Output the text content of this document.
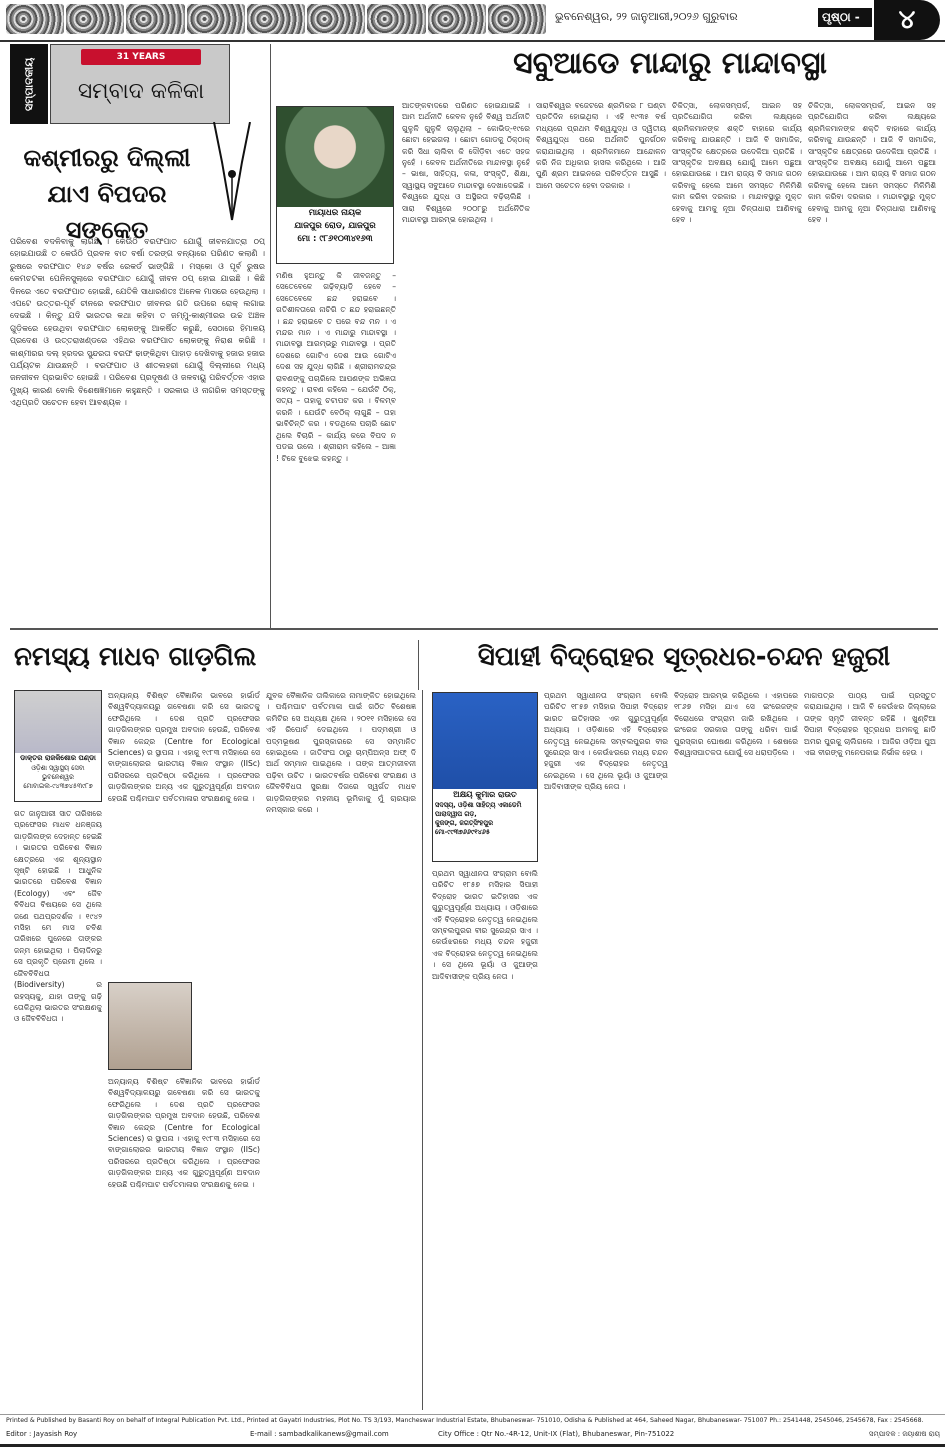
ଭୁବନେଶ୍ୱର, ୨୨ ଜାନୁଆରୀ,୨୦୨୬ ଗୁରୁବାର	ପୃଷ୍ଠା -	୪
ସମ୍ପାଦକୀୟ
31 YEARS
ସମ୍ବାଦ କଳିକା
କଶ୍ମୀରରୁ ଦିଲ୍ଲୀ ଯାଏ ବିପଦର ସଙ୍କେତ
ପରିବେଶ ବଦଳିବାକୁ ଲାଗିଛି । କେଉଁଠି ବରଫପାତ ଯୋଗୁଁ ଜୀବନଯାତ୍ରା ଠପ୍ ହୋଇଯାଉଛି ତ କେଉଁଠି ପ୍ରବଳ ବାତ ବର୍ଷା ତରଙ୍ଗ ବନ୍ୟାରେ ପରିଣତ କଲାଣି । ରୁଷରେ ବରଫପାତ ୧୪୬ ବର୍ଷର ରେକର୍ଡ ଭାଙ୍ଗିଛି । ମସ୍କୋ ଓ ପୂର୍ବ ରୁଷର କେମଚଟକା ପେନିନସୁଲାରେ ବରଫପାତ ଯୋଗୁଁ ଜୀବନ ଠପ୍ ହୋଇ ଯାଇଛି । କିଛି ଦିନରେ ଏତେ ବରଫପାତ ହୋଇଛି, ଯେତିକି ସାଧାରଣତଃ ଅନେକ ମାସରେ ହେଉଥିଲା । ଏପଟେ ଉତ୍ତର-ପୂର୍ବ ଚୀନରେ ବରଫପାତ ଜୀବନର ଗତି ଉପରେ ରୋକ୍ ଲଗାଇ ଦେଇଛି । କିନ୍ତୁ ଯଦି ଭାରତର କଥା କହିବା ତ ଜମ୍ମୁ-କାଶ୍ମୀରର ଉଚ୍ଚ ଅଞ୍ଚଳ ଗୁଡ଼ିକରେ ହେଉଥିବା ବରଫପାତ ଲୋକଙ୍କୁ ଆକର୍ଷିତ କରୁଛି, ସେଠାରେ ହିମାଳୟ ପ୍ରଦେଶ ଓ ଉତ୍ତରାଖଣ୍ଡରେ ଏହିଥର ବରଫପାତ ଲୋକଙ୍କୁ ନିରାଶ କରିଛି । କାଶ୍ମୀରର ଦଲ୍ ହ୍ରଦର ସୁନ୍ଦରତା ବରଫ ଢାଙ୍କିଥିବା ପାହାଡ଼ ଦେଖିବାକୁ ହଜାର ହଜାର ପର୍ଯ୍ୟଟକ ଯାଉଛନ୍ତି । ବରଫପାତ ଓ ଶୀତଲହରୀ ଯୋଗୁଁ ଦିଲ୍ଲୀରେ ମଧ୍ୟ ଜନଜୀବନ ପ୍ରଭାବିତ ହୋଇଛି । ପରିବେଶ ପ୍ରଦୂଷଣ ଓ ଜଳବାୟୁ ପରିବର୍ତ୍ତନ ଏହାର ମୁଖ୍ୟ କାରଣ ବୋଲି ବିଶେଷଜ୍ଞମାନେ କହୁଛନ୍ତି । ସରକାର ଓ ନାଗରିକ ସମସ୍ତଙ୍କୁ ଏଥିପ୍ରତି ସଚେତନ ହେବା ଆବଶ୍ୟକ ।
ସବୁଆଡେ ମାନ୍ଦାରୁ ମାନ୍ଦାବସ୍ଥା
ମାୟାଧର ନାୟକ
ଯାଜପୁର ରୋଡ, ଯାଜପୁର
ମୋ : ୯୮୬୧୦୩୪୧୬୩
ମଣିଷ ହୁଅନ୍ତୁ କି ଜୀବଜନ୍ତୁ – ସେତେବେଳେ ଗଢ଼ିବ୍ୟାଡ଼ି ହେବେ – ସେତେବେଳେ ଛନ୍ଦ ହରାଇବେ । ଗତିଶୀଳତାରେ ନାଚିଗି ତ ଛନ୍ଦ ହରାଇଛନ୍ତି । ଛନ୍ଦ ହରାଇବେ ତ ପରେ ବନ୍ଦ ମନ । ଏ ମନ୍ଦର ମାନ । ଏ ମାନ୍ଦାରୁ ମାନ୍ଦାବସ୍ଥା । ମାନ୍ଦାବସ୍ଥା ଆରମ୍ଭରୁ ମାନ୍ଦାବସ୍ଥା । ପ୍ରତି ଦେଶରେ ଗୋଟିଏ ଦେଶ ଆଉ ଗୋଟିଏ ଦେଶ ସହ ଯୁଦ୍ଧ ଲାଗିଛି । ଶ୍ରୀରାମଚନ୍ଦ୍ର ରାବଣଙ୍କୁ ପଚାରିଲେ ଆପଣଙ୍କ ଅଭିଜ୍ଞତା କହନ୍ତୁ । ରାବଣ କହିଲେ – ଯେଉଁଟି ଠିକ୍, ସତ୍ୟ – ତାହାକୁ ଚଟାପଟ କର । ବିଳମ୍ବ କରନି । ଯେଉଁଟି ବେଠିକ୍ ଲାଗୁଛି – ତାହା ଭାବିଚିନ୍ତି କର । ବଡଥିଲେ ପଚାରି ଛୋଟ ଥିଲେ ବିଚାରି – କାର୍ଯ୍ୟ କରେ ବିପଦ ନ ପଡଇ ଉଲେ । ଶ୍ରୀରାମ କହିଲେ – ଆଜ୍ଞା ! ଟିକେ ବୁଝେଇ କହନ୍ତୁ ।
ଆତଙ୍କବାଦରେ ପରିଣତ ହୋଇଯାଇଛି । ଆମ ଅର୍ଥନୀତି କେବଳ ନୁହେଁ ବିଶ୍ୱ ଅର୍ଥନୀତି ଗୁଳୁଳି ଗୁଳୁଳି ଚାଲୁଥିଲା – କୋଭିଡ୍-୧୯ରେ ଛୋଟା ହେଇଗଲା । ଛୋଟା ଗୋଡକୁ ଠିକ୍ଠାକ୍ କରି ସିଧା ଚାଲିବା କି ଦୌଡ଼ିବା ଏତେ ସହଜ ନୁହେଁ । କେବଳ ଅର୍ଥନୀତିରେ ମାନ୍ଦାବସ୍ଥା ନୁହେଁ – ଭାଷା, ସାହିତ୍ୟ, କଳା, ସଂସ୍କୃତି, ଶିକ୍ଷା, ସ୍ୱାସ୍ଥ୍ୟ ସବୁଆଡେ ମାନ୍ଦାବସ୍ଥା ଦେଖାଦେଇଛି । ବିଶ୍ୱରେ ଯୁଦ୍ଧ ଓ ଅସ୍ଥିରତା ବଢ଼ିଚାଲିଛି । ସାରା ବିଶ୍ୱରେ ୨୦୦୮ରୁ ଅର୍ଥନୈତିକ ମାନ୍ଦାବସ୍ଥା ଆରମ୍ଭ ହୋଇଥିଲା ।
ସାରାବିଶ୍ୱର ବଜେଟରେ ଶ୍ରମିକର ୮ ଘଣ୍ଟା ପ୍ରତିଦିନ ହୋଇଥିଲା । ଏହି ୧୯୩୫ ବର୍ଷ ମଧ୍ୟରେ ପ୍ରଥମ ବିଶ୍ୱଯୁଦ୍ଧ ଓ ଦ୍ୱିତୀୟ ବିଶ୍ୱଯୁଦ୍ଧ ପରେ ଅର୍ଥନୀତି ପୁନର୍ଗଠନ କରାଯାଇଥିଲା । ଶ୍ରମିକମାନେ ଆନ୍ଦୋଳନ କରି ନିଜ ଅଧିକାର ହାସଲ କରିଥିଲେ । ଆଜି ପୁଣି ଶ୍ରମ ଆଇନରେ ପରିବର୍ତ୍ତନ ଆସୁଛି । ଆମେ ସଚେତନ ହେବା ଦରକାର ।
ଚିକିତ୍ସା, ଲୋକସମ୍ପର୍କ, ଆଇନ ସହ ପ୍ରତିଯୋଗିତା କରିବା ଲକ୍ଷ୍ୟରେ ଶ୍ରମିକମାନଙ୍କ ଶକ୍ତି ବାହାରେ କାର୍ଯ୍ୟ କରିବାକୁ ଯାଉଛନ୍ତି । ଆଜି ବି ସାମାଜିକ, ସାଂସ୍କୃତିକ କ୍ଷେତ୍ରରେ ଉଦେକିଆ ପ୍ରତିଛି । ସାଂସ୍କୃତିକ ଅବକ୍ଷୟ ଯୋଗୁଁ ଆମେ ପଛୁଆ ହୋଇଯାଉଛେ । ଆମ ରାଜ୍ୟ ବି ସମାଜ ଗଠନ କରିବାକୁ ହେଲେ ଆମେ ସମସ୍ତେ ମିଳିମିଶି କାମ କରିବା ଦରକାର । ମାନ୍ଦାବସ୍ଥାରୁ ମୁକ୍ତ ହେବାକୁ ଆମକୁ ନୂଆ ଚିନ୍ତାଧାରା ଆଣିବାକୁ ହେବ ।
ଚିକିତ୍ସା, ଲୋକସମ୍ପର୍କ, ଆଇନ ସହ ପ୍ରତିଯୋଗିତା କରିବା ଲକ୍ଷ୍ୟରେ ଶ୍ରମିକମାନଙ୍କ ଶକ୍ତି ବାହାରେ କାର୍ଯ୍ୟ କରିବାକୁ ଯାଉଛନ୍ତି । ଆଜି ବି ସାମାଜିକ, ସାଂସ୍କୃତିକ କ୍ଷେତ୍ରରେ ଉଦେକିଆ ପ୍ରତିଛି । ସାଂସ୍କୃତିକ ଅବକ୍ଷୟ ଯୋଗୁଁ ଆମେ ପଛୁଆ ହୋଇଯାଉଛେ । ଆମ ରାଜ୍ୟ ବି ସମାଜ ଗଠନ କରିବାକୁ ହେଲେ ଆମେ ସମସ୍ତେ ମିଳିମିଶି କାମ କରିବା ଦରକାର । ମାନ୍ଦାବସ୍ଥାରୁ ମୁକ୍ତ ହେବାକୁ ଆମକୁ ନୂଆ ଚିନ୍ତାଧାରା ଆଣିବାକୁ ହେବ ।
ନମସ୍ୟ ମାଧବ ଗାଡ଼ଗିଲ
ଡାକ୍ତର ରାଜକିଶୋର ପଣ୍ଡା
ଓଡ଼ିଶା ସ୍ୱାସ୍ଥ୍ୟ ସେବା
ଭୁବନେଶ୍ୱର
ମୋବାଇଲ-୯୪୩୭୪୫୩୯୮୭
ଗତ ଜାନୁଆରୀ ସାତ ତାରିଖରେ ପ୍ରଫେସର ମାଧବ ଧନଞ୍ଜୟ ଗାଡ଼ଗିଲଙ୍କ ଦେହାନ୍ତ ହେଇଛି । ଭାରତର ପରିବେଶ ବିଜ୍ଞାନ କ୍ଷେତ୍ରରେ ଏକ ଶୂନ୍ୟସ୍ଥାନ ସୃଷ୍ଟି ହୋଇଛି । ଆଧୁନିକ ଭାରତରେ ପରିବେଶ ବିଜ୍ଞାନ (Ecology) ଏବଂ ଜୈବ ବିବିଧତା ବିଷୟରେ ସେ ଥିଲେ ଜଣେ ପଥପ୍ରଦର୍ଶକ । ୧୯୪୨ ମସିହା ମେ ମାସ ଚବିଶ ତାରିଖରେ ପୁନେରେ ତାଙ୍କର ଜନ୍ମ ହୋଇଥିଲା । ପିଲାଦିନରୁ ସେ ପ୍ରକୃତି ପ୍ରେମୀ ଥିଲେ । ଜୈବବିବିଧତା (Biodiversity) ର ରହସ୍ୟକୁ, ଯାହା ତାଙ୍କୁ ଗଢ଼ି ତୋଳିଥିଲା ଭାରତର ସଂରକ୍ଷଣକୁ ଓ ଜୈବବିବିଧତା ।
ଅନ୍ୟାନ୍ୟ ବିଶିଷ୍ଟ ବୈଜ୍ଞାନିକ ଭାବରେ ହାର୍ଭାର୍ଡ ବିଶ୍ୱବିଦ୍ୟାଳୟରୁ ଗବେଷଣା କରି ସେ ଭାରତକୁ ଫେରିଥିଲେ । ଦେଶ ପ୍ରତି ପ୍ରଫେସର ଗାଡ଼ଗିଲଙ୍କର ପ୍ରମୁଖ ଅବଦାନ ହେଉଛି, ପରିବେଶ ବିଜ୍ଞାନ କେନ୍ଦ୍ର (Centre for Ecological Sciences) ର ସ୍ଥାପନା । ଏହାକୁ ୧୯୮୩ ମସିହାରେ ସେ ବାଙ୍ଗାଲୋରର ଭାରତୀୟ ବିଜ୍ଞାନ ସଂସ୍ଥାନ (IISc) ପରିସରରେ ପ୍ରତିଷ୍ଠା କରିଥିଲେ । ପ୍ରଫେସର ଗାଡ଼ଗିଲଙ୍କର ଅନ୍ୟ ଏକ ଗୁରୁତ୍ୱପୂର୍ଣ୍ଣ ଅବଦାନ ହେଉଛି ପଶ୍ଚିମଘାଟ ପର୍ବତମାଳାର ସଂରକ୍ଷଣକୁ ନେଇ ।
ଅନ୍ୟାନ୍ୟ ବିଶିଷ୍ଟ ବୈଜ୍ଞାନିକ ଭାବରେ ହାର୍ଭାର୍ଡ ବିଶ୍ୱବିଦ୍ୟାଳୟରୁ ଗବେଷଣା କରି ସେ ଭାରତକୁ ଫେରିଥିଲେ । ଦେଶ ପ୍ରତି ପ୍ରଫେସର ଗାଡ଼ଗିଲଙ୍କର ପ୍ରମୁଖ ଅବଦାନ ହେଉଛି, ପରିବେଶ ବିଜ୍ଞାନ କେନ୍ଦ୍ର (Centre for Ecological Sciences) ର ସ୍ଥାପନା । ଏହାକୁ ୧୯୮୩ ମସିହାରେ ସେ ବାଙ୍ଗାଲୋରର ଭାରତୀୟ ବିଜ୍ଞାନ ସଂସ୍ଥାନ (IISc) ପରିସରରେ ପ୍ରତିଷ୍ଠା କରିଥିଲେ । ପ୍ରଫେସର ଗାଡ଼ଗିଲଙ୍କର ଅନ୍ୟ ଏକ ଗୁରୁତ୍ୱପୂର୍ଣ୍ଣ ଅବଦାନ ହେଉଛି ପଶ୍ଚିମଘାଟ ପର୍ବତମାଳାର ସଂରକ୍ଷଣକୁ ନେଇ ।
ଯୁବକ ବୈଜ୍ଞାନିକ ତାଲିକାରେ ନାମାଙ୍କିତ ହୋଇଥିଲେ । ପଶ୍ଚିମଘାଟ ପର୍ବତମାଳା ପାଇଁ ଗଠିତ ବିଶେଷଜ୍ଞ କମିଟିର ସେ ଅଧ୍ୟକ୍ଷ ଥିଲେ । ୨୦୧୧ ମସିହାରେ ସେ ଏହି ରିପୋର୍ଟ ଦେଇଥିଲେ । ପଦ୍ମଶ୍ରୀ ଓ ପଦ୍ମଭୂଷଣ ପୁରସ୍କାରରେ ସେ ସମ୍ମାନିତ ହୋଇଥିଲେ । ଜାତିସଂଘ ଠାରୁ ଚାମ୍ପିଅନ୍ସ ଅଫ୍ ଦି ଆର୍ଥ ସମ୍ମାନ ପାଇଥିଲେ । ତାଙ୍କ ଆତ୍ମଜୀବନୀ ପଢ଼ିବା ଉଚିତ । ଭାରତବର୍ଷର ପରିବେଶ ସଂରକ୍ଷଣ ଓ ଜୈବବିବିଧତା ସୁରକ୍ଷା ଦିଗରେ ସ୍ୱର୍ଗତ ମାଧବ ଗାଡ଼ଗିଲଙ୍କର ମହନୀୟ ଭୂମିକାକୁ ମୁଁ ଚାରୟାର ନମସ୍କାର କରେ ।
ସିପାହୀ ବିଦ୍ରୋହର ସୂତ୍ରଧର-ଚନ୍ଦନ ହଜୁରୀ
ଅକ୍ଷୟ କୁମାର ରାଉତ
ସଦସ୍ୟ, ଓଡ଼ିଶା ସାହିତ୍ୟ ଏକାଡେମି ପାରାଦ୍ୱୀପ ଗଡ଼,
କୁଜଙ୍ଗ, ଜଗତ୍ସିଂହପୁର
ମୋ-୯୯୩୭୬୬୯୧୪୬୫
ପ୍ରଥମ ସ୍ୱାଧୀନତା ସଂଗ୍ରାମ ବୋଲି ପରିଚିତ ୧୮୫୭ ମସିହାର ସିପାହୀ ବିଦ୍ରୋହ ଭାରତ ଇତିହାସର ଏକ ଗୁରୁତ୍ୱପୂର୍ଣ୍ଣ ଅଧ୍ୟାୟ । ଓଡ଼ିଶାରେ ଏହି ବିଦ୍ରୋହର ନେତୃତ୍ୱ ନେଇଥିଲେ ସମ୍ବଲପୁରର ବୀର ସୁରେନ୍ଦ୍ର ସାଏ । କେଉଁଝରରେ ମଧ୍ୟ ଚନ୍ଦନ ହଜୁରୀ ଏକ ବିଦ୍ରୋହର ନେତୃତ୍ୱ ନେଇଥିଲେ । ସେ ଥିଲେ ଭୂୟାଁ ଓ ଜୁଆଙ୍ଗ ଆଦିବାସୀଙ୍କ ପ୍ରିୟ ନେତା ।
ପ୍ରଥମ ସ୍ୱାଧୀନତା ସଂଗ୍ରାମ ବୋଲି ପରିଚିତ ୧୮୫୭ ମସିହାର ସିପାହୀ ବିଦ୍ରୋହ ଭାରତ ଇତିହାସର ଏକ ଗୁରୁତ୍ୱପୂର୍ଣ୍ଣ ଅଧ୍ୟାୟ । ଓଡ଼ିଶାରେ ଏହି ବିଦ୍ରୋହର ନେତୃତ୍ୱ ନେଇଥିଲେ ସମ୍ବଲପୁରର ବୀର ସୁରେନ୍ଦ୍ର ସାଏ । କେଉଁଝରରେ ମଧ୍ୟ ଚନ୍ଦନ ହଜୁରୀ ଏକ ବିଦ୍ରୋହର ନେତୃତ୍ୱ ନେଇଥିଲେ । ସେ ଥିଲେ ଭୂୟାଁ ଓ ଜୁଆଙ୍ଗ ଆଦିବାସୀଙ୍କ ପ୍ରିୟ ନେତା ।
ବିଦ୍ରୋହ ଆରମ୍ଭ କରିଥିଲେ । ଏହାପରେ ୧୮୬୭ ମସିହା ଯାଏ ସେ ଇଂରେଜଙ୍କ ବିରୋଧରେ ସଂଗ୍ରାମ ଜାରି ରଖିଥିଲେ । ଇଂରେଜ ସରକାର ତାଙ୍କୁ ଧରିବା ପାଇଁ ପୁରସ୍କାର ଘୋଷଣା କରିଥିଲେ । ଶେଷରେ ବିଶ୍ୱାସଘାତକତା ଯୋଗୁଁ ସେ ଧରାପଡ଼ିଲେ ।
ମାଗପତ୍ର ପାଠ୍ୟ ପାଇଁ ପ୍ରସ୍ତୁତ କରାଯାଇଥିଲା । ଆଜି ବି କେଉଁଝର ଜିଲ୍ଲାରେ ତାଙ୍କ ସ୍ମୃତି ଜୀବନ୍ତ ରହିଛି । ଖୁଣ୍ଟିଆ ସିପାହୀ ବିଦ୍ରୋହର ସୂତ୍ରଧର ଅମଳକୁ ଛାଡି ଅମର ପୁରକୁ ଚାଲିଗଲେ । ଆଜିର ଓଡ଼ିଆ ପୁଅ ଏଇ ବୀରଙ୍କୁ ମନେପକାଇ ନିର୍ଭୀକ ହେଉ ।
Printed & Published by Basanti Roy on behalf of Integral Publication Pvt. Ltd., Printed at Gayatri Industries, Plot No. TS 3/193, Mancheswar Industrial Estate, Bhubaneswar- 751010, Odisha & Published at 464, Saheed Nagar, Bhubaneswar- 751007 Ph.: 2541448, 2545046, 2545678, Fax : 2545668.
Editor : Jayasish Roy	E-mail : sambadkalikanews@gmail.com	City Office : Qtr No.-4R-12, Unit-IX (Flat), Bhubaneswar, Pin-751022	ସମ୍ପାଦକ : ଜୟାଶୀଷ ରାୟ
